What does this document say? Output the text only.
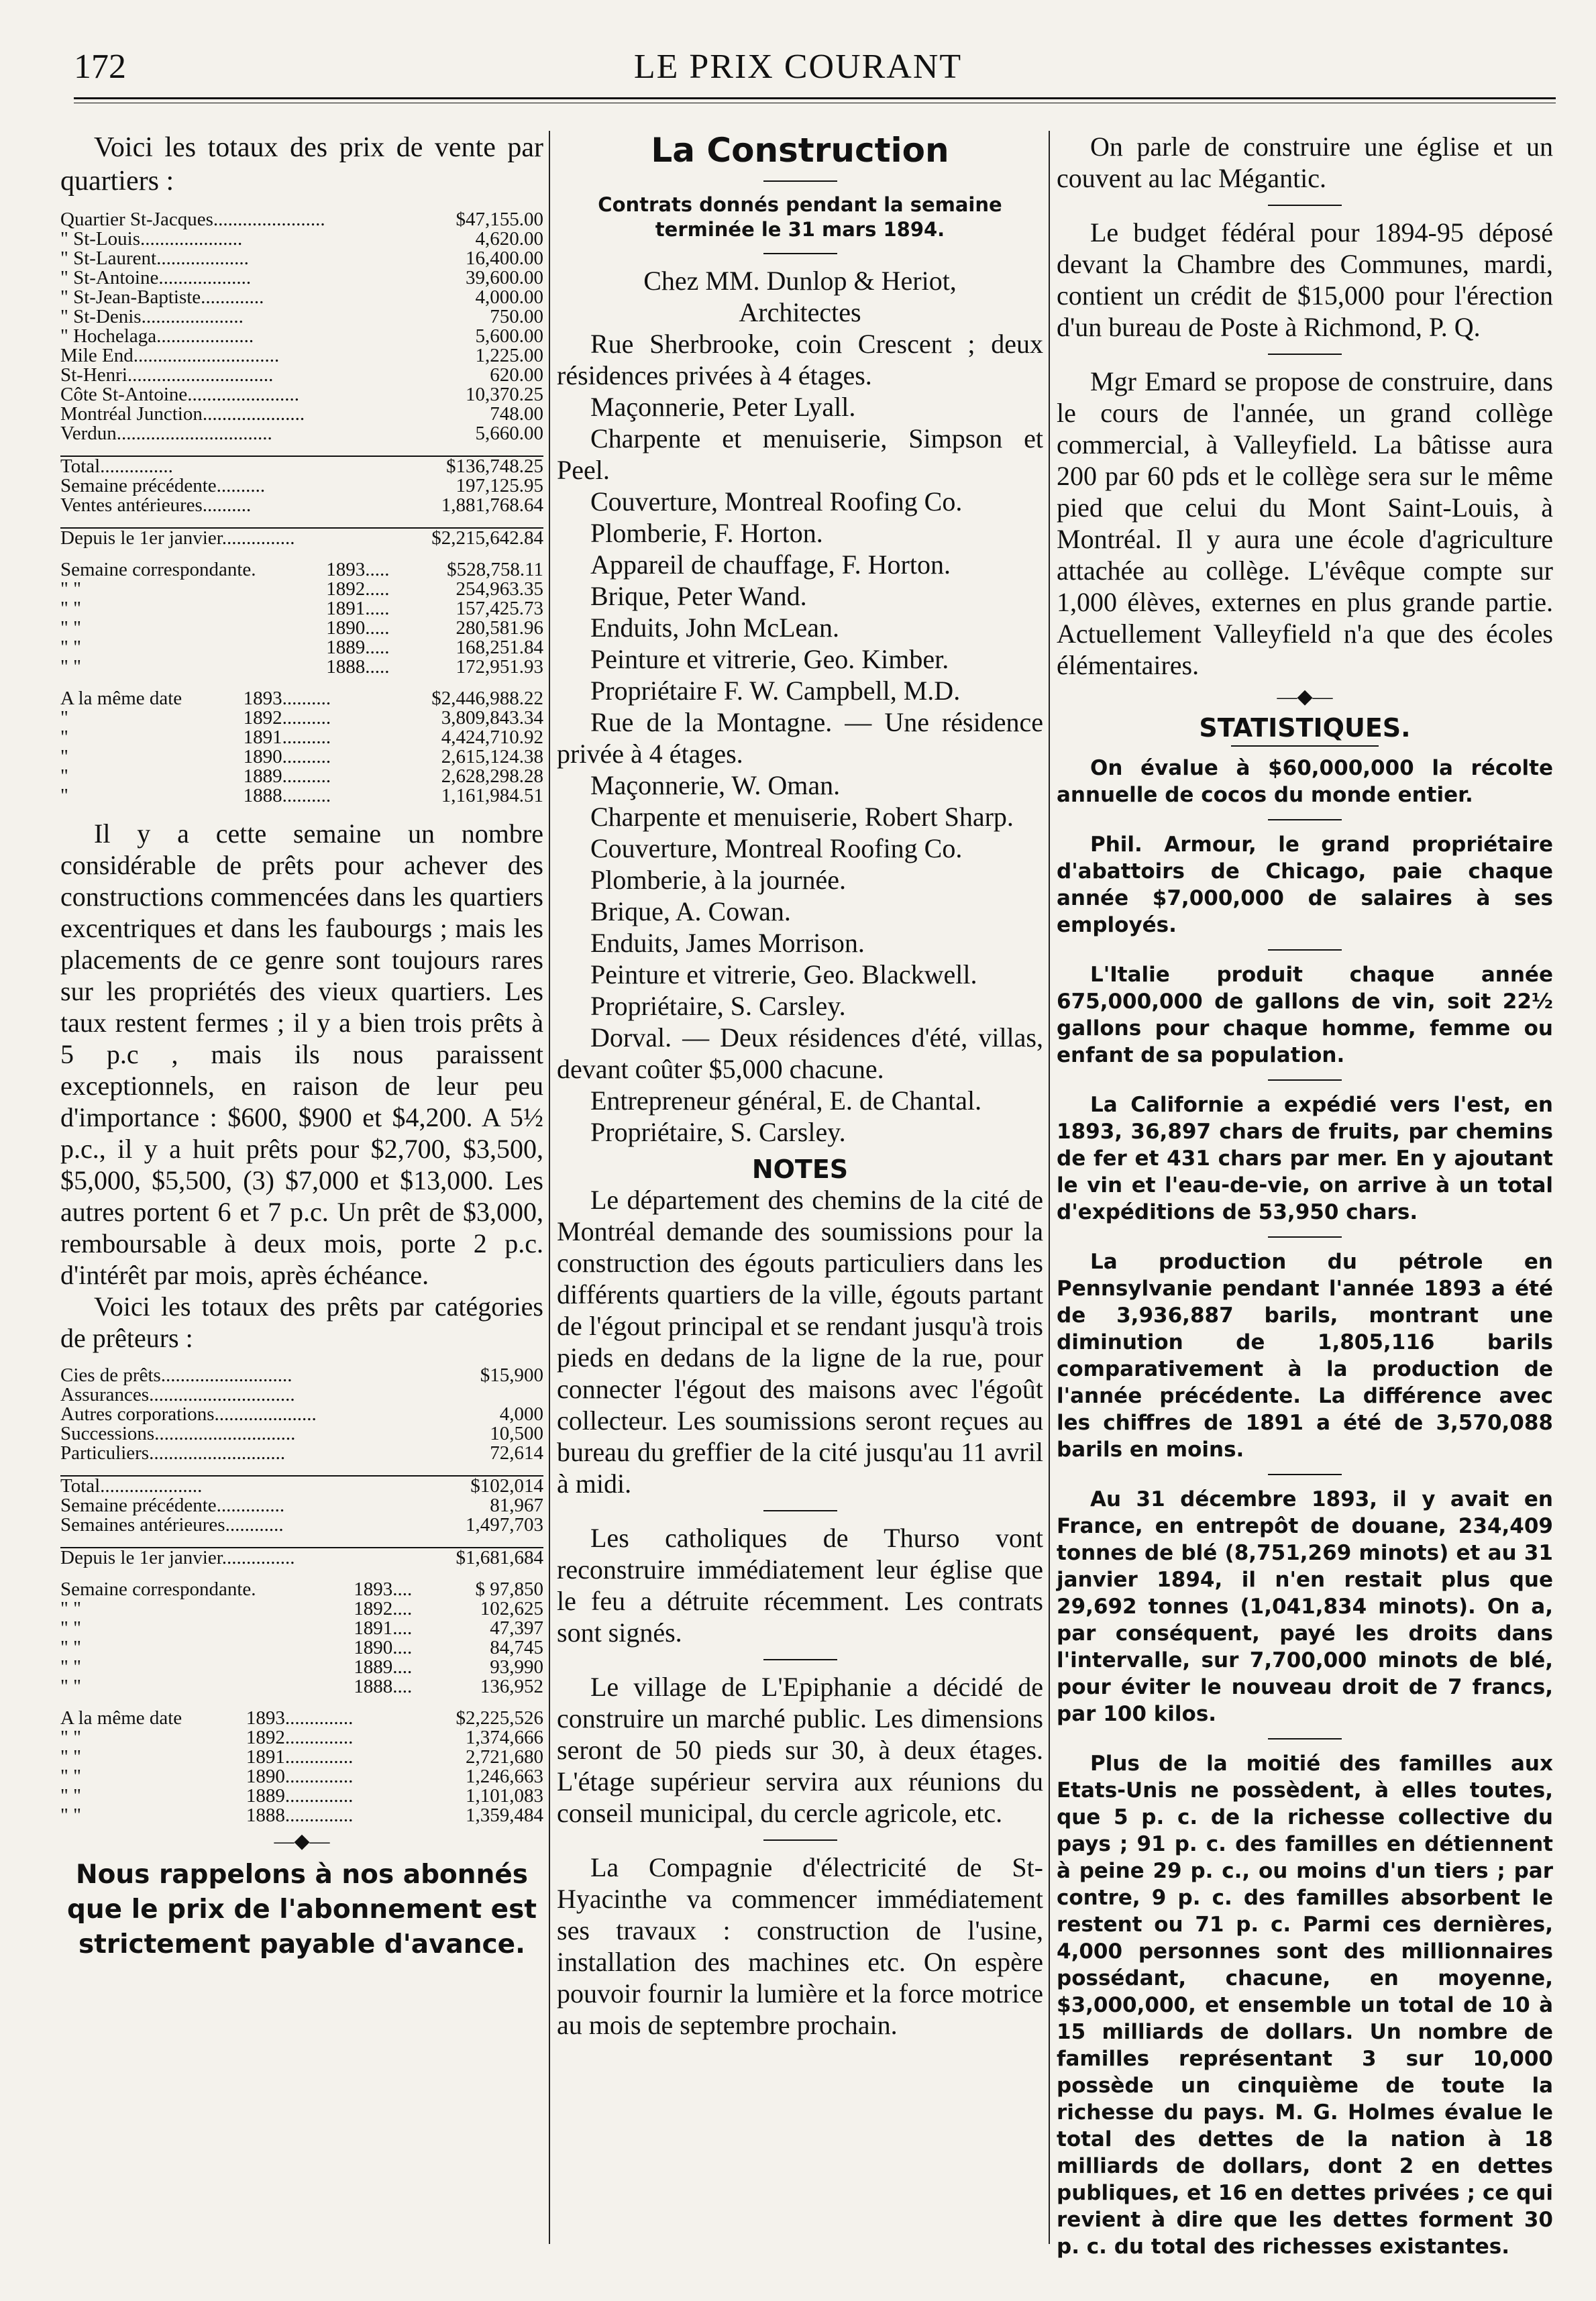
172	LE PRIX COURANT

Voici les totaux des prix de vente par quartiers :

Quartier St-Jacques.......................	$47,155.00
" St-Louis.....................	4,620.00
" St-Laurent...................	16,400.00
" St-Antoine...................	39,600.00
" St-Jean-Baptiste.............	4,000.00
" St-Denis.....................	750.00
" Hochelaga....................	5,600.00
Mile End..............................	1,225.00
St-Henri..............................	620.00
Côte St-Antoine.......................	10,370.25
Montréal Junction.....................	748.00
Verdun................................	5,660.00
Total...............	$136,748.25
Semaine précédente..........	197,125.95
Ventes antérieures..........	1,881,768.64
Depuis le 1er janvier...............	$2,215,642.84
Semaine correspondante.	1893.....	$528,758.11
" "	1892.....	254,963.35
" "	1891.....	157,425.73
" "	1890.....	280,581.96
" "	1889.....	168,251.84
" "	1888.....	172,951.93
A la même date	1893..........	$2,446,988.22
"	1892..........	3,809,843.34
"	1891..........	4,424,710.92
"	1890..........	2,615,124.38
"	1889..........	2,628,298.28
"	1888..........	1,161,984.51

Il y a cette semaine un nombre considérable de prêts pour achever des constructions commencées dans les quartiers excentriques et dans les faubourgs ; mais les placements de ce genre sont toujours rares sur les propriétés des vieux quartiers. Les taux restent fermes ; il y a bien trois prêts à 5 p.c , mais ils nous paraissent exceptionnels, en raison de leur peu d'importance : $600, $900 et $4,200. A 5½ p.c., il y a huit prêts pour $2,700, $3,500, $5,000, $5,500, (3) $7,000 et $13,000. Les autres portent 6 et 7 p.c. Un prêt de $3,000, remboursable à deux mois, porte 2 p.c. d'intérêt par mois, après échéance.

Voici les totaux des prêts par catégories de prêteurs :

Cies de prêts...........................	$15,900
Assurances..............................	
Autres corporations.....................	4,000
Successions.............................	10,500
Particuliers............................	72,614
Total.....................	$102,014
Semaine précédente..............	81,967
Semaines antérieures............	1,497,703
Depuis le 1er janvier...............	$1,681,684
Semaine correspondante.	1893....	$ 97,850
" "	1892....	102,625
" "	1891....	47,397
" "	1890....	84,745
" "	1889....	93,990
" "	1888....	136,952
A la même date	1893..............	$2,225,526
" "	1892..............	1,374,666
" "	1891..............	2,721,680
" "	1890..............	1,246,663
" "	1889..............	1,101,083
" "	1888..............	1,359,484
—◆—

Nous rappelons à nos abonnés que le prix de l'abonnement est strictement payable d'avance.

La Construction

Contrats donnés pendant la semaine terminée le 31 mars 1894.

Chez MM. Dunlop & Heriot,

Architectes

Rue Sherbrooke, coin Crescent ; deux résidences privées à 4 étages.

Maçonnerie, Peter Lyall.

Charpente et menuiserie, Simpson et Peel.

Couverture, Montreal Roofing Co.

Plomberie, F. Horton.

Appareil de chauffage, F. Horton.

Brique, Peter Wand.

Enduits, John McLean.

Peinture et vitrerie, Geo. Kimber.

Propriétaire F. W. Campbell, M.D.

Rue de la Montagne. — Une résidence privée à 4 étages.

Maçonnerie, W. Oman.

Charpente et menuiserie, Robert Sharp.

Couverture, Montreal Roofing Co.

Plomberie, à la journée.

Brique, A. Cowan.

Enduits, James Morrison.

Peinture et vitrerie, Geo. Blackwell.

Propriétaire, S. Carsley.

Dorval. — Deux résidences d'été, villas, devant coûter $5,000 chacune.

Entrepreneur général, E. de Chantal.

Propriétaire, S. Carsley.

NOTES

Le département des chemins de la cité de Montréal demande des soumissions pour la construction des égouts particuliers dans les différents quartiers de la ville, égouts partant de l'égout principal et se rendant jusqu'à trois pieds en dedans de la ligne de la rue, pour connecter l'égout des maisons avec l'égoût collecteur. Les soumissions seront reçues au bureau du greffier de la cité jusqu'au 11 avril à midi.

Les catholiques de Thurso vont reconstruire immédiatement leur église que le feu a détruite récemment. Les contrats sont signés.

Le village de L'Epiphanie a décidé de construire un marché public. Les dimensions seront de 50 pieds sur 30, à deux étages. L'étage supérieur servira aux réunions du conseil municipal, du cercle agricole, etc.

La Compagnie d'électricité de St-Hyacinthe va commencer immédiatement ses travaux : construction de l'usine, installation des machines etc. On espère pouvoir fournir la lumière et la force motrice au mois de septembre prochain.

On parle de construire une église et un couvent au lac Mégantic.

Le budget fédéral pour 1894-95 déposé devant la Chambre des Communes, mardi, contient un crédit de $15,000 pour l'érection d'un bureau de Poste à Richmond, P. Q.

Mgr Emard se propose de construire, dans le cours de l'année, un grand collège commercial, à Valleyfield. La bâtisse aura 200 par 60 pds et le collège sera sur le même pied que celui du Mont Saint-Louis, à Montréal. Il y aura une école d'agriculture attachée au collège. L'évêque compte sur 1,000 élèves, externes en plus grande partie. Actuellement Valleyfield n'a que des écoles élémentaires.

—◆—

STATISTIQUES.

On évalue à $60,000,000 la récolte annuelle de cocos du monde entier.

Phil. Armour, le grand propriétaire d'abattoirs de Chicago, paie chaque année $7,000,000 de salaires à ses employés.

L'Italie produit chaque année 675,000,000 de gallons de vin, soit 22½ gallons pour chaque homme, femme ou enfant de sa population.

La Californie a expédié vers l'est, en 1893, 36,897 chars de fruits, par chemins de fer et 431 chars par mer. En y ajoutant le vin et l'eau-de-vie, on arrive à un total d'expéditions de 53,950 chars.

La production du pétrole en Pennsylvanie pendant l'année 1893 a été de 3,936,887 barils, montrant une diminution de 1,805,116 barils comparativement à la production de l'année précédente. La différence avec les chiffres de 1891 a été de 3,570,088 barils en moins.

Au 31 décembre 1893, il y avait en France, en entrepôt de douane, 234,409 tonnes de blé (8,751,269 minots) et au 31 janvier 1894, il n'en restait plus que 29,692 tonnes (1,041,834 minots). On a, par conséquent, payé les droits dans l'intervalle, sur 7,700,000 minots de blé, pour éviter le nouveau droit de 7 francs, par 100 kilos.

Plus de la moitié des familles aux Etats-Unis ne possèdent, à elles toutes, que 5 p. c. de la richesse collective du pays ; 91 p. c. des familles en détiennent à peine 29 p. c., ou moins d'un tiers ; par contre, 9 p. c. des familles absorbent le restent ou 71 p. c. Parmi ces dernières, 4,000 personnes sont des millionnaires possédant, chacune, en moyenne, $3,000,000, et ensemble un total de 10 à 15 milliards de dollars. Un nombre de familles représentant 3 sur 10,000 possède un cinquième de toute la richesse du pays. M. G. Holmes évalue le total des dettes de la nation à 18 milliards de dollars, dont 2 en dettes publiques, et 16 en dettes privées ; ce qui revient à dire que les dettes forment 30 p. c. du total des richesses existantes.
